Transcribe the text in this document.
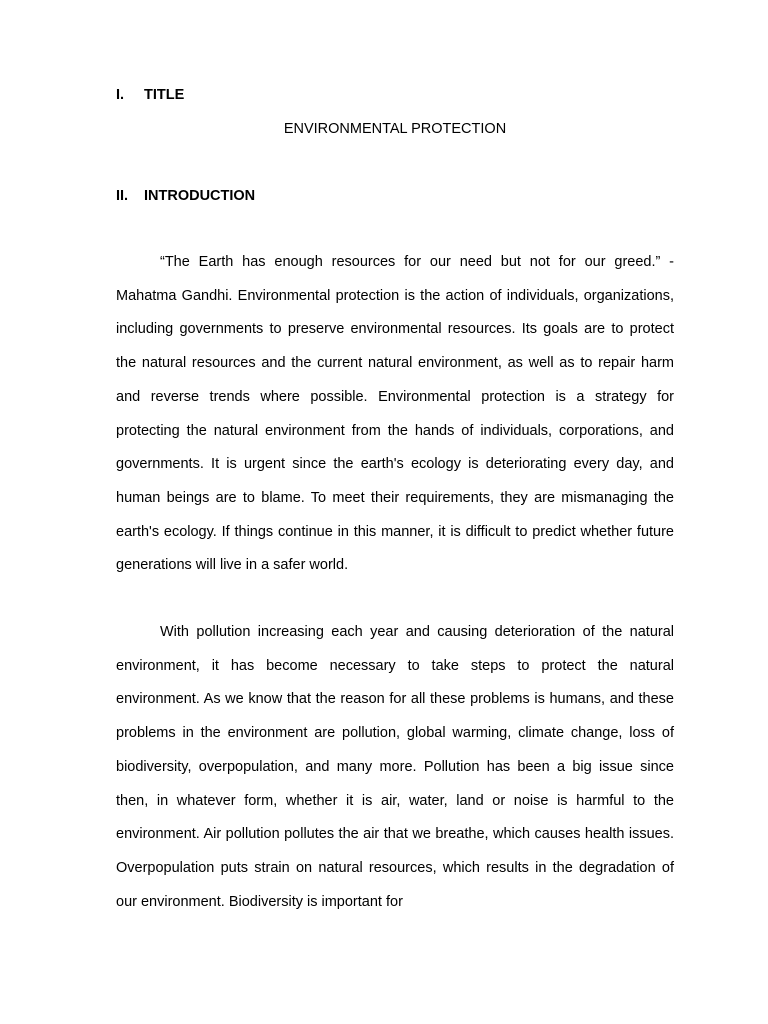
I. TITLE
ENVIRONMENTAL PROTECTION
II. INTRODUCTION

“The Earth has enough resources for our need but not for our greed.” - Mahatma Gandhi. Environmental protection is the action of individuals, organizations, including governments to preserve environmental resources. Its goals are to protect the natural resources and the current natural environment, as well as to repair harm and reverse trends where possible. Environmental protection is a strategy for protecting the natural environment from the hands of individuals, corporations, and governments. It is urgent since the earth's ecology is deteriorating every day, and human beings are to blame. To meet their requirements, they are mismanaging the earth's ecology. If things continue in this manner, it is difficult to predict whether future generations will live in a safer world.

With pollution increasing each year and causing deterioration of the natural environment, it has become necessary to take steps to protect the natural environment. As we know that the reason for all these problems is humans, and these problems in the environment are pollution, global warming, climate change, loss of biodiversity, overpopulation, and many more. Pollution has been a big issue since then, in whatever form, whether it is air, water, land or noise is harmful to the environment. Air pollution pollutes the air that we breathe, which causes health issues. Overpopulation puts strain on natural resources, which results in the degradation of our environment. Biodiversity is important for
